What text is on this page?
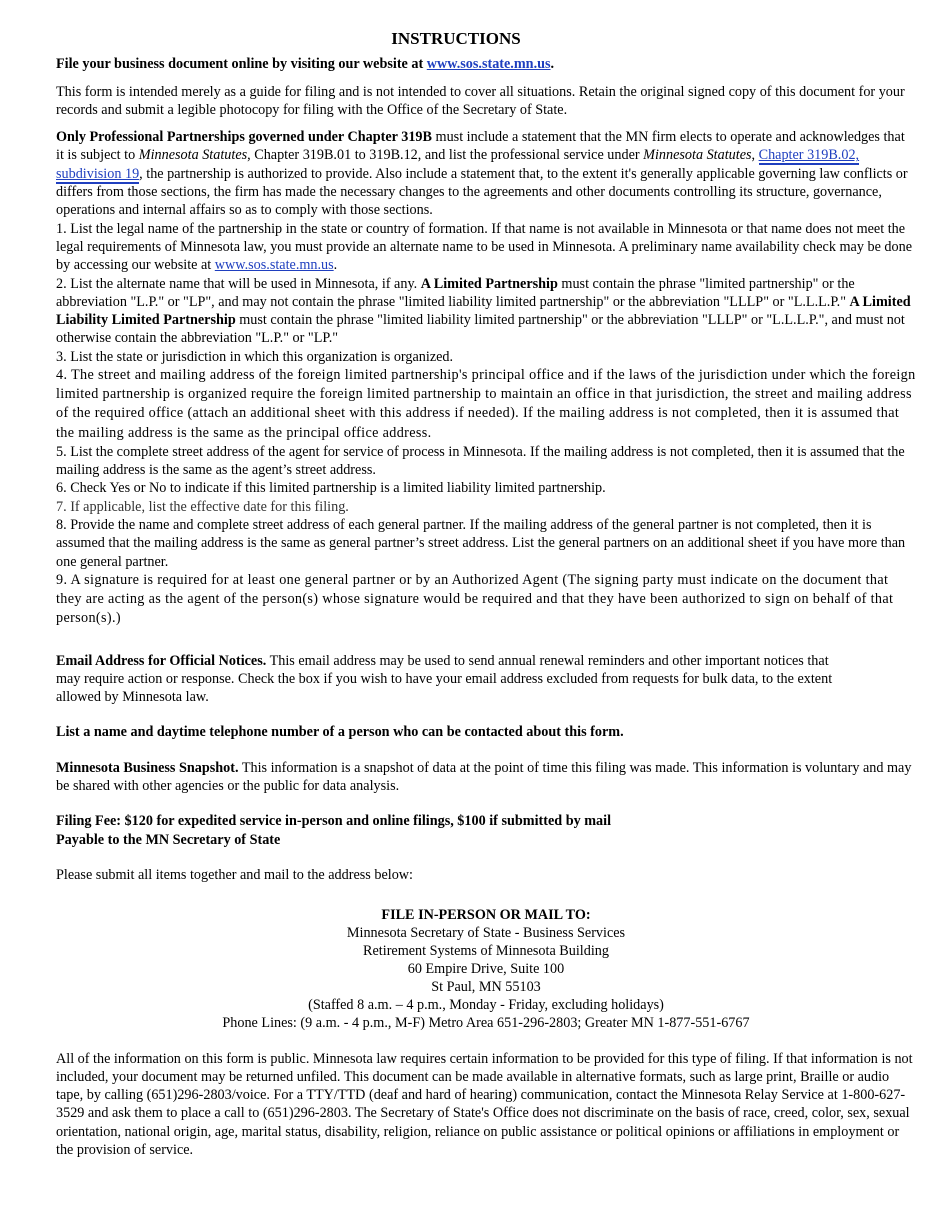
INSTRUCTIONS

File your business document online by visiting our website at www.sos.state.mn.us.

This form is intended merely as a guide for filing and is not intended to cover all situations. Retain the original signed copy of this document for your records and submit a legible photocopy for filing with the Office of the Secretary of State.

Only Professional Partnerships governed under Chapter 319B must include a statement that the MN firm elects to operate and acknowledges that it is subject to Minnesota Statutes, Chapter 319B.01 to 319B.12, and list the professional service under Minnesota Statutes, Chapter 319B.02, subdivision 19, the partnership is authorized to provide. Also include a statement that, to the extent it's generally applicable governing law conflicts or differs from those sections, the firm has made the necessary changes to the agreements and other documents controlling its structure, governance, operations and internal affairs so as to comply with those sections.

1. List the legal name of the partnership in the state or country of formation. If that name is not available in Minnesota or that name does not meet the legal requirements of Minnesota law, you must provide an alternate name to be used in Minnesota. A preliminary name availability check may be done by accessing our website at www.sos.state.mn.us.

2. List the alternate name that will be used in Minnesota, if any. A Limited Partnership must contain the phrase "limited partnership" or the abbreviation "L.P." or "LP", and may not contain the phrase "limited liability limited partnership" or the abbreviation "LLLP" or "L.L.L.P." A Limited Liability Limited Partnership must contain the phrase "limited liability limited partnership" or the abbreviation "LLLP" or "L.L.L.P.", and must not otherwise contain the abbreviation "L.P." or "LP."

3. List the state or jurisdiction in which this organization is organized.

4. The street and mailing address of the foreign limited partnership's principal office and if the laws of the jurisdiction under which the foreign limited partnership is organized require the foreign limited partnership to maintain an office in that jurisdiction, the street and mailing address of the required office (attach an additional sheet with this address if needed). If the mailing address is not completed, then it is assumed that the mailing address is the same as the principal office address.

5. List the complete street address of the agent for service of process in Minnesota. If the mailing address is not completed, then it is assumed that the mailing address is the same as the agent’s street address.

6. Check Yes or No to indicate if this limited partnership is a limited liability limited partnership.

7. If applicable, list the effective date for this filing.

8. Provide the name and complete street address of each general partner. If the mailing address of the general partner is not completed, then it is assumed that the mailing address is the same as general partner’s street address. List the general partners on an additional sheet if you have more than one general partner.

9. A signature is required for at least one general partner or by an Authorized Agent (The signing party must indicate on the document that they are acting as the agent of the person(s) whose signature would be required and that they have been authorized to sign on behalf of that person(s).)

Email Address for Official Notices. This email address may be used to send annual renewal reminders and other important notices that may require action or response. Check the box if you wish to have your email address excluded from requests for bulk data, to the extent allowed by Minnesota law.

List a name and daytime telephone number of a person who can be contacted about this form.

Minnesota Business Snapshot. This information is a snapshot of data at the point of time this filing was made. This information is voluntary and may be shared with other agencies or the public for data analysis.

Filing Fee: $120 for expedited service in-person and online filings, $100 if submitted by mail
Payable to the MN Secretary of State

Please submit all items together and mail to the address below:

FILE IN-PERSON OR MAIL TO:
Minnesota Secretary of State - Business Services
Retirement Systems of Minnesota Building
60 Empire Drive, Suite 100
St Paul, MN 55103
(Staffed 8 a.m. – 4 p.m., Monday - Friday, excluding holidays)
Phone Lines: (9 a.m. - 4 p.m., M-F) Metro Area 651-296-2803; Greater MN 1-877-551-6767

All of the information on this form is public. Minnesota law requires certain information to be provided for this type of filing. If that information is not included, your document may be returned unfiled. This document can be made available in alternative formats, such as large print, Braille or audio tape, by calling (651)296-2803/voice. For a TTY/TTD (deaf and hard of hearing) communication, contact the Minnesota Relay Service at 1-800-627-3529 and ask them to place a call to (651)296-2803. The Secretary of State's Office does not discriminate on the basis of race, creed, color, sex, sexual orientation, national origin, age, marital status, disability, religion, reliance on public assistance or political opinions or affiliations in employment or the provision of service.
